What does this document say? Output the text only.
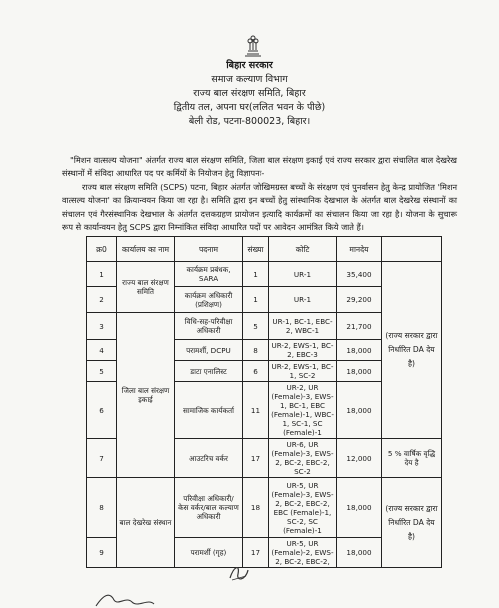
बिहार सरकार
समाज कल्याण विभाग
राज्य बाल संरक्षण समिति, बिहार
द्वितीय तल, अपना घर(ललित भवन के पीछे)
बेली रोड, पटना-800023, बिहार।

"मिशन वात्सल्य योजना" अंतर्गत राज्य बाल संरक्षण समिति, जिला बाल संरक्षण इकाई एवं राज्य सरकार द्वारा संचालित बाल देखरेख संस्थानों में संविदा आधारित पद पर कर्मियों के नियोजन हेतु विज्ञापनः-

राज्य बाल संरक्षण समिति (SCPS) पटना, बिहार अंतर्गत जोखिमग्रस्त बच्चों के संरक्षण एवं पुनर्वासन हेतु केन्द्र प्रायोजित 'मिशन वात्सल्य योजना' का क्रियान्वयन किया जा रहा है। समिति द्वारा इन बच्चों हेतु सांस्थानिक देखभाल के अंतर्गत बाल देखरेख संस्थानों का संचालन एवं गैरसंस्थानिक देखभाल के अंतर्गत दत्तकग्रहण प्रायोजन इत्यादि कार्यक्रमों का संचालन किया जा रहा है। योजना के सुचारू रूप से कार्यान्वयन हेतु SCPS द्वारा निम्नांकित संविदा आधारित पदों पर आवेदन आमंत्रित किये जाते हैं।

क्र0	कार्यालय का नाम	पदनाम	संख्या	कोटि	मानदेय	
1	राज्य बाल संरक्षण समिति	कार्यक्रम प्रबंधक, SARA	1	UR-1	35,400	(राज्य सरकार द्वारा निर्धारित DA देय है)
2		कार्यक्रम अधिकारी (प्रशिक्षण)	1	UR-1	29,200	
3	जिला बाल संरक्षण इकाई	विधि-सह-परिवीक्षा अधिकारी	5	UR-1, BC-1, EBC-2, WBC-1	21,700	
4		परामर्शी, DCPU	8	UR-2, EWS-1, BC-2, EBC-3	18,000	
5		डाटा एनालिस्ट	6	UR-2, EWS-1, BC-1, SC-2	18,000	
6		सामाजिक कार्यकर्ता	11	UR-2, UR (Female)-3, EWS-1, BC-1, EBC (Female)-1, WBC-1, SC-1, SC (Female)-1	18,000	
7		आउटरिच वर्कर	17	UR-6, UR (Female)-3, EWS-2, BC-2, EBC-2, SC-2	12,000	5 % वार्षिक वृद्धि देय है
8	बाल देखरेख संस्थान	परिवीक्षा अधिकारी/ केस वर्कर/बाल कल्याण अधिकारी	18	UR-5, UR (Female)-3, EWS-2, BC-2, EBC-2, EBC (Female)-1, SC-2, SC (Female)-1	18,000	(राज्य सरकार द्वारा निर्धारित DA देय है)
9		परामर्शी (गृह)	17	UR-5, UR (Female)-2, EWS-2, BC-2, EBC-2,	18,000	
